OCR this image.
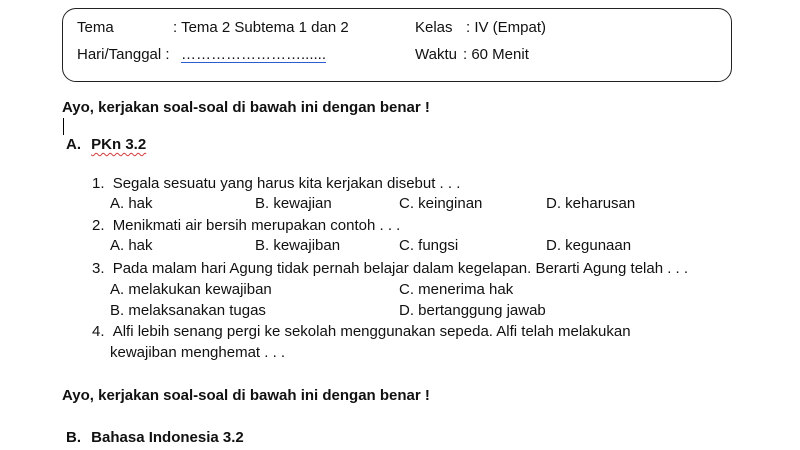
Tema	: Tema 2 Subtema 1 dan 2	Kelas : IV (Empat)
Hari/Tanggal : ……………………......	Waktu : 60 Menit
Ayo, kerjakan soal-soal di bawah ini dengan benar !
A. PKn 3.2
1. Segala sesuatu yang harus kita kerjakan disebut . . .
A. hak	B. kewajian	C. keinginan	D. keharusan
2. Menikmati air bersih merupakan contoh . . .
A. hak	B. kewajiban	C. fungsi	D. kegunaan
3. Pada malam hari Agung tidak pernah belajar dalam kegelapan. Berarti Agung telah . . .
A. melakukan kewajiban	C. menerima hak
B. melaksanakan tugas	D. bertanggung jawab
4. Alfi lebih senang pergi ke sekolah menggunakan sepeda. Alfi telah melakukan
kewajiban menghemat . . .
Ayo, kerjakan soal-soal di bawah ini dengan benar !
B. Bahasa Indonesia 3.2
